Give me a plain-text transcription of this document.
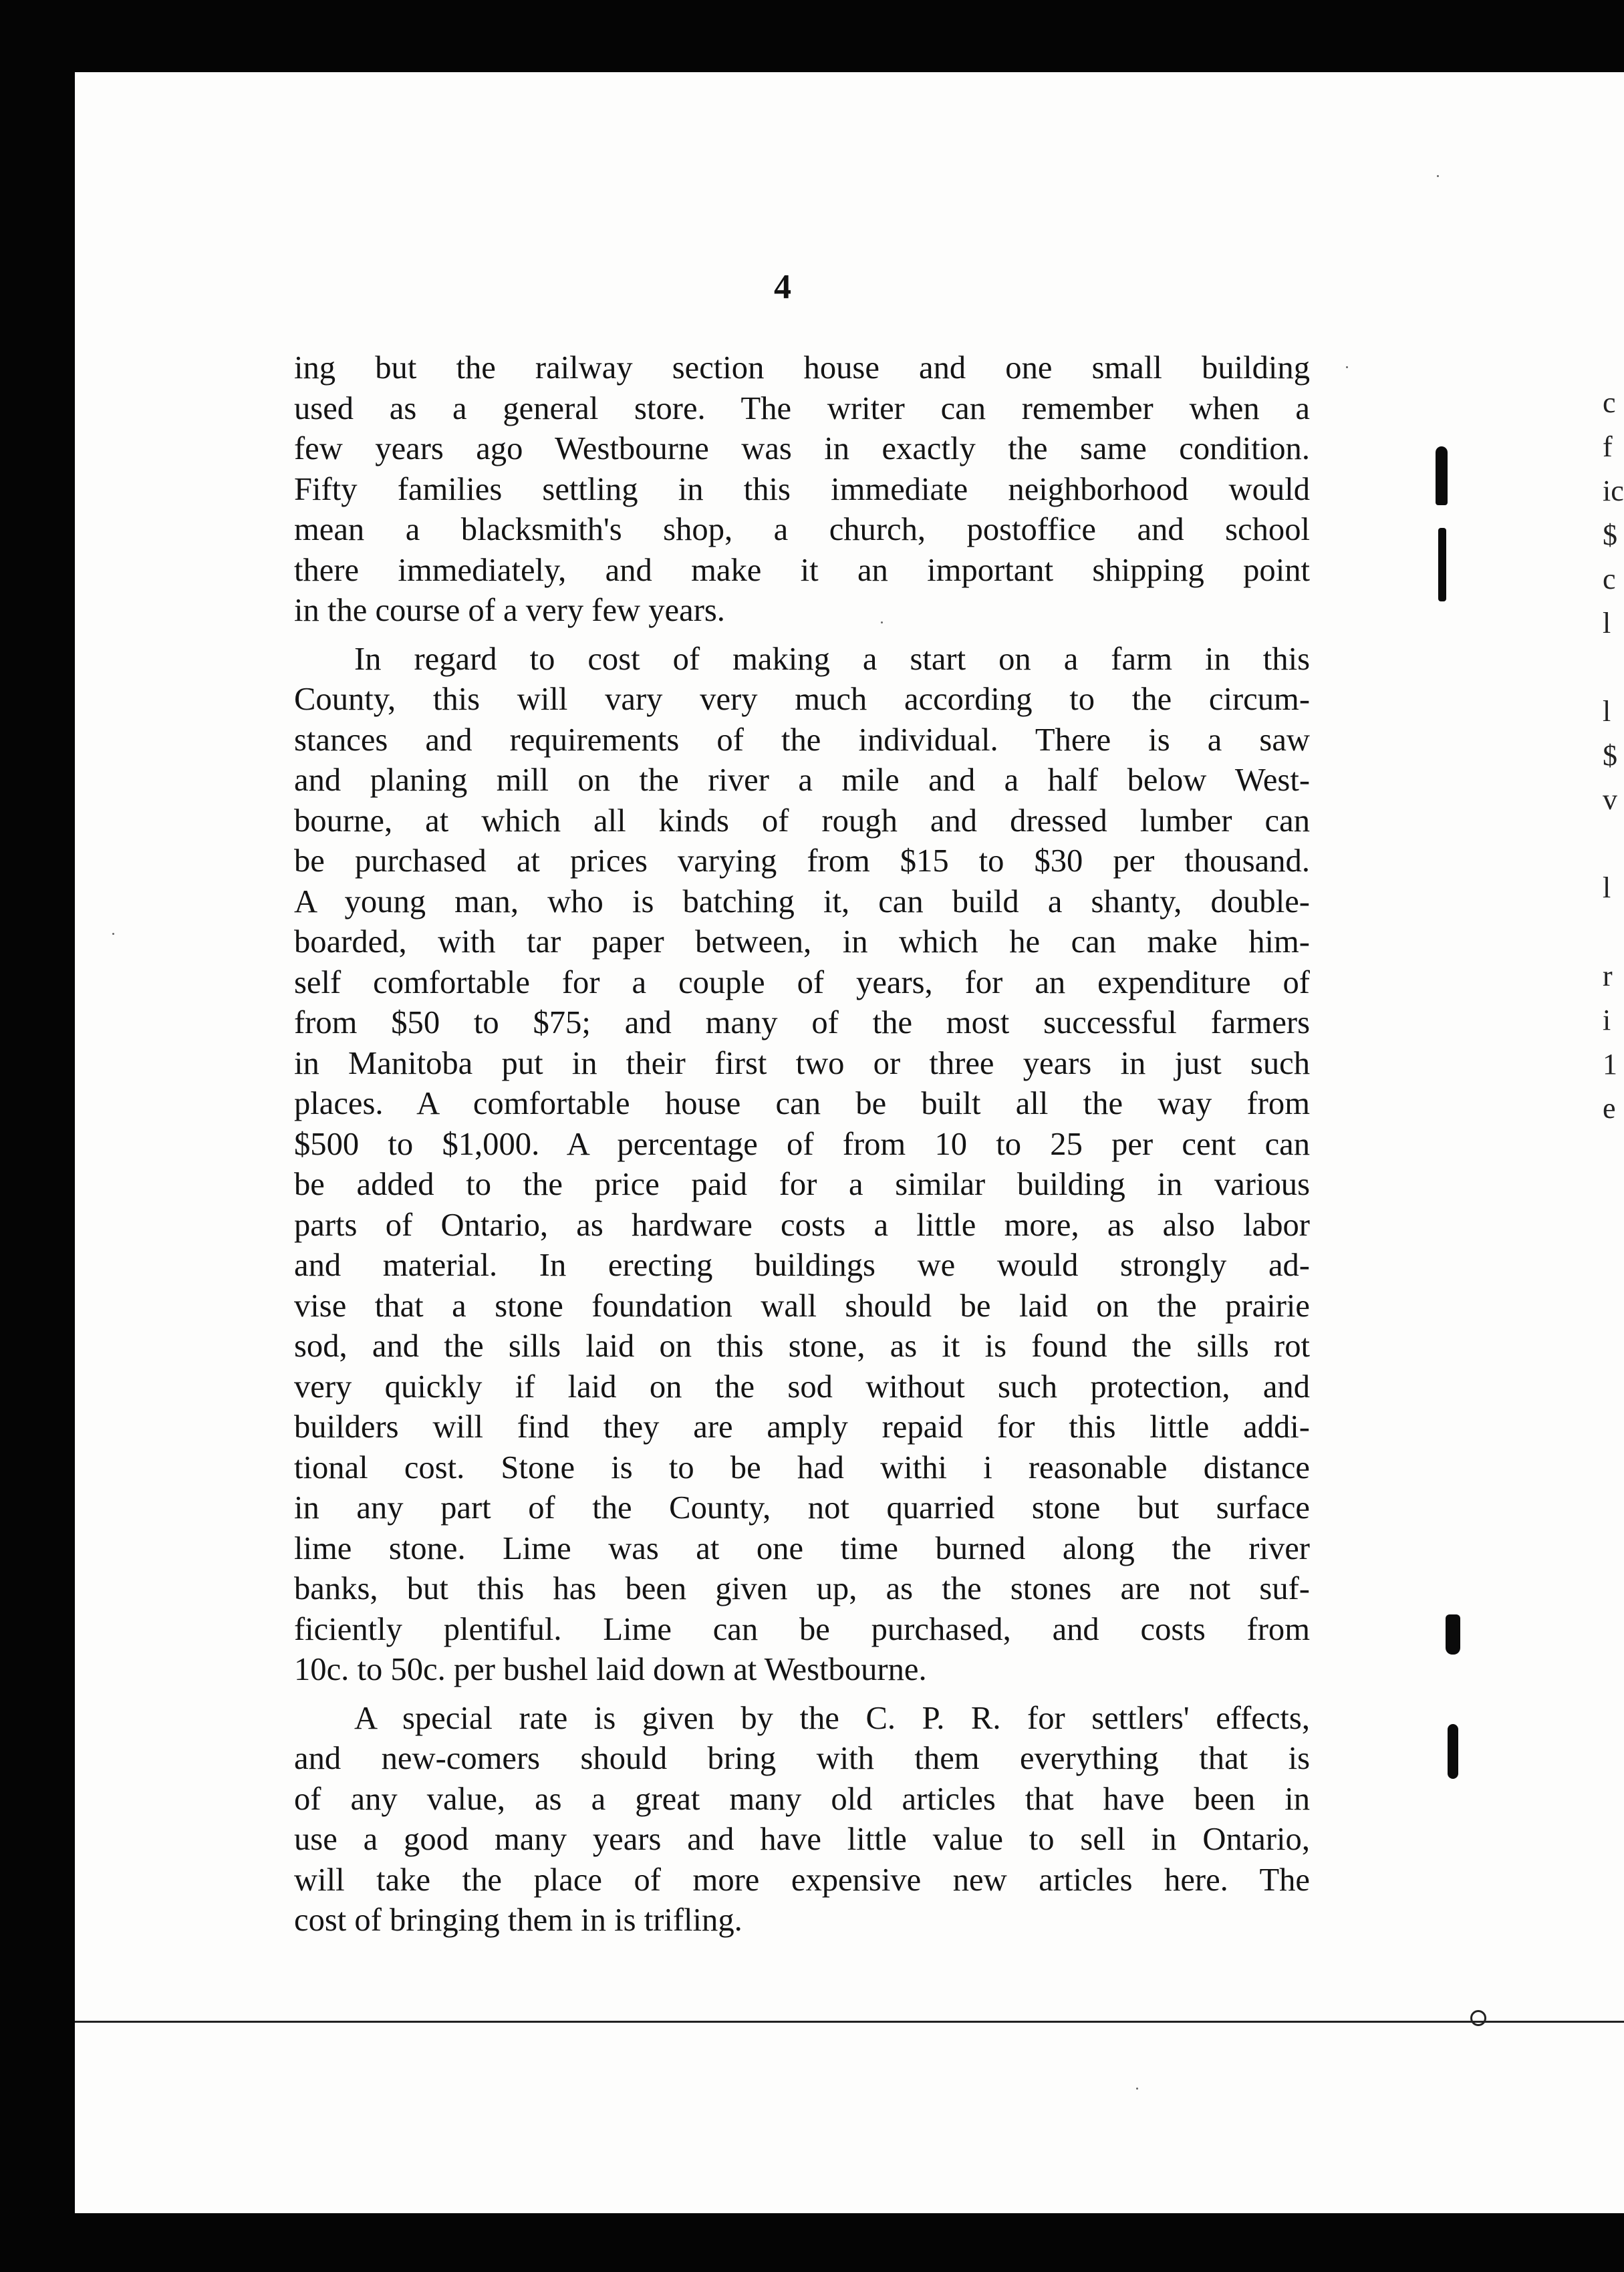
4
ing but the railway section house and one small building
used as a general store. The writer can remember when a
few years ago Westbourne was in exactly the same condition.
Fifty families settling in this immediate neighborhood would
mean a blacksmith's shop, a church, postoffice and school
there immediately, and make it an important shipping point
in the course of a very few years.
In regard to cost of making a start on a farm in this
County, this will vary very much according to the circum-
stances and requirements of the individual. There is a saw
and planing mill on the river a mile and a half below West-
bourne, at which all kinds of rough and dressed lumber can
be purchased at prices varying from $15 to $30 per thousand.
A young man, who is batching it, can build a shanty, double-
boarded, with tar paper between, in which he can make him-
self comfortable for a couple of years, for an expenditure of
from $50 to $75; and many of the most successful farmers
in Manitoba put in their first two or three years in just such
places. A comfortable house can be built all the way from
$500 to $1,000. A percentage of from 10 to 25 per cent can
be added to the price paid for a similar building in various
parts of Ontario, as hardware costs a little more, as also labor
and material. In erecting buildings we would strongly ad-
vise that a stone foundation wall should be laid on the prairie
sod, and the sills laid on this stone, as it is found the sills rot
very quickly if laid on the sod without such protection, and
builders will find they are amply repaid for this little addi-
tional cost. Stone is to be had withi i reasonable distance
in any part of the County, not quarried stone but surface
lime stone. Lime was at one time burned along the river
banks, but this has been given up, as the stones are not suf-
ficiently plentiful. Lime can be purchased, and costs from
10c. to 50c. per bushel laid down at Westbourne.
A special rate is given by the C. P. R. for settlers' effects,
and new-comers should bring with them everything that is
of any value, as a great many old articles that have been in
use a good many years and have little value to sell in Ontario,
will take the place of more expensive new articles here. The
cost of bringing them in is trifling.
c
f
ic
$
c
l
l
$
v
l
r
i
1
e
